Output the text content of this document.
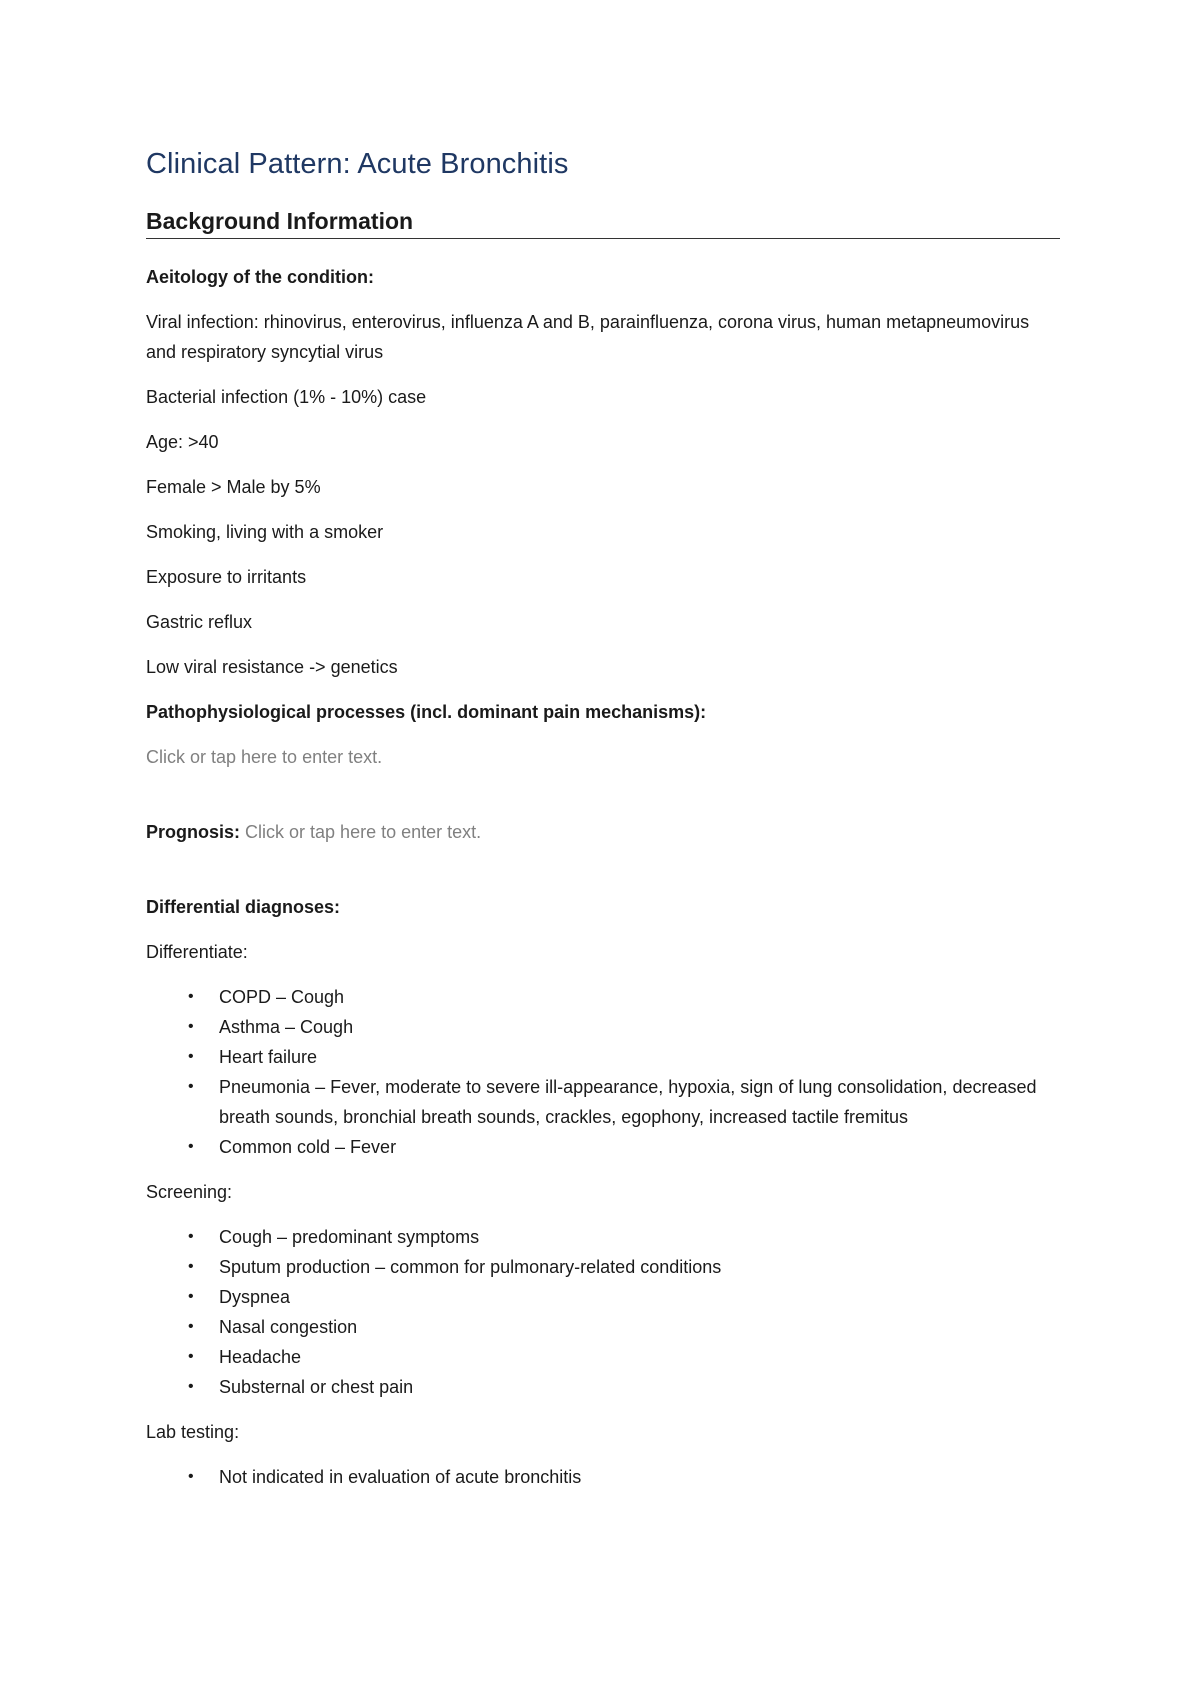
Clinical Pattern: Acute Bronchitis
Background Information

Aeitology of the condition:

Viral infection: rhinovirus, enterovirus, influenza A and B, parainfluenza, corona virus, human metapneumovirus and respiratory syncytial virus

Bacterial infection (1% - 10%) case

Age: >40

Female > Male by 5%

Smoking, living with a smoker

Exposure to irritants

Gastric reflux

Low viral resistance -> genetics

Pathophysiological processes (incl. dominant pain mechanisms):

Click or tap here to enter text.

Prognosis: Click or tap here to enter text.

Differential diagnoses:

Differentiate:

• COPD – Cough
• Asthma – Cough
• Heart failure
• Pneumonia – Fever, moderate to severe ill-appearance, hypoxia, sign of lung consolidation, decreased breath sounds, bronchial breath sounds, crackles, egophony, increased tactile fremitus
• Common cold – Fever

Screening:

• Cough – predominant symptoms
• Sputum production – common for pulmonary-related conditions
• Dyspnea
• Nasal congestion
• Headache
• Substernal or chest pain

Lab testing:

• Not indicated in evaluation of acute bronchitis
